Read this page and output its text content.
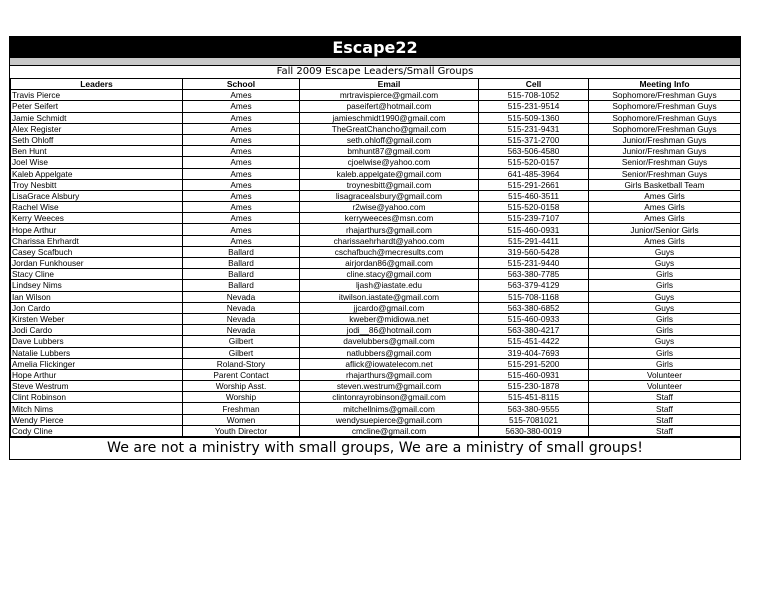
Escape22
Fall 2009 Escape Leaders/Small Groups
Leaders	School	Email	Cell	Meeting Info
Travis Pierce	Ames	mrtravispierce@gmail.com	515-708-1052	Sophomore/Freshman Guys
Peter Seifert	Ames	paseifert@hotmail.com	515-231-9514	Sophomore/Freshman Guys
Jamie Schmidt	Ames	jamieschmidt1990@gmail.com	515-509-1360	Sophomore/Freshman Guys
Alex Register	Ames	TheGreatChancho@gmail.com	515-231-9431	Sophomore/Freshman Guys
Seth Ohloff	Ames	seth.ohloff@gmail.com	515-371-2700	Junior/Freshman Guys
Ben Hunt	Ames	bmhunt87@gmail.com	563-506-4580	Junior/Freshman Guys
Joel Wise	Ames	cjoelwise@yahoo.com	515-520-0157	Senior/Freshman Guys
Kaleb Appelgate	Ames	kaleb.appelgate@gmail.com	641-485-3964	Senior/Freshman Guys
Troy Nesbitt	Ames	troynesbitt@gmail.com	515-291-2661	Girls Basketball Team
LisaGrace Alsbury	Ames	lisagracealsbury@gmail.com	515-460-3511	Ames Girls
Rachel Wise	Ames	r2wise@yahoo.com	515-520-0158	Ames Girls
Kerry Weeces	Ames	kerryweeces@msn.com	515-239-7107	Ames Girls
Hope Arthur	Ames	rhajarthurs@gmail.com	515-460-0931	Junior/Senior Girls
Charissa Ehrhardt	Ames	charissaehrhardt@yahoo.com	515-291-4411	Ames Girls
Casey Scafbuch	Ballard	cschafbuch@mecresults.com	319-560-5428	Guys
Jordan Funkhouser	Ballard	airjordan86@gmail.com	515-231-9440	Guys
Stacy Cline	Ballard	cline.stacy@gmail.com	563-380-7785	Girls
Lindsey Nims	Ballard	ljash@iastate.edu	563-379-4129	Girls
Ian Wilson	Nevada	itwilson.iastate@gmail.com	515-708-1168	Guys
Jon Cardo	Nevada	jjcardo@gmail.com	563-380-6852	Guys
Kirsten Weber	Nevada	kweber@midiowa.net	515-460-0933	Girls
Jodi Cardo	Nevada	jodi__86@hotmail.com	563-380-4217	Girls
Dave Lubbers	Gilbert	davelubbers@gmail.com	515-451-4422	Guys
Natalie Lubbers	Gilbert	natlubbers@gmail.com	319-404-7693	Girls
Amelia Flickinger	Roland-Story	aflick@iowatelecom.net	515-291-5200	Girls
Hope Arthur	Parent Contact	rhajarthurs@gmail.com	515-460-0931	Volunteer
Steve Westrum	Worship Asst.	steven.westrum@gmail.com	515-230-1878	Volunteer
Clint Robinson	Worship	clintonrayrobinson@gmail.com	515-451-8115	Staff
Mitch Nims	Freshman	mitchellnims@gmail.com	563-380-9555	Staff
Wendy Pierce	Women	wendysuepierce@gmail.com	515-7081021	Staff
Cody Cline	Youth Director	cmcline@gmail.com	5630-380-0019	Staff
We are not a ministry with small groups, We are a ministry of small groups!
